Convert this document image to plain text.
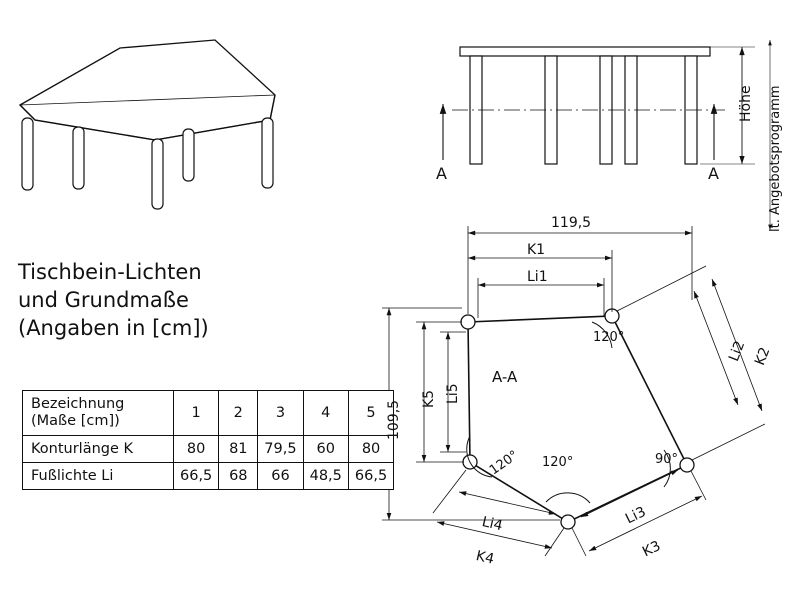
Tischbein-Lichten
und Grundmaße
(Angaben in [cm])
Bezeichnung
(Maße [cm])	1	2	3	4	5
Konturlänge K	80	81	79,5	60	80
Fußlichte Li	66,5	68	66	48,5	66,5
A	A
Höhe lt. Angebotsprogramm
119,5
K1
Li1
109,5
K5 Li5
K2
Li2
K3
Li3
K4
Li4
A-A
120°
120° 120°	90°
